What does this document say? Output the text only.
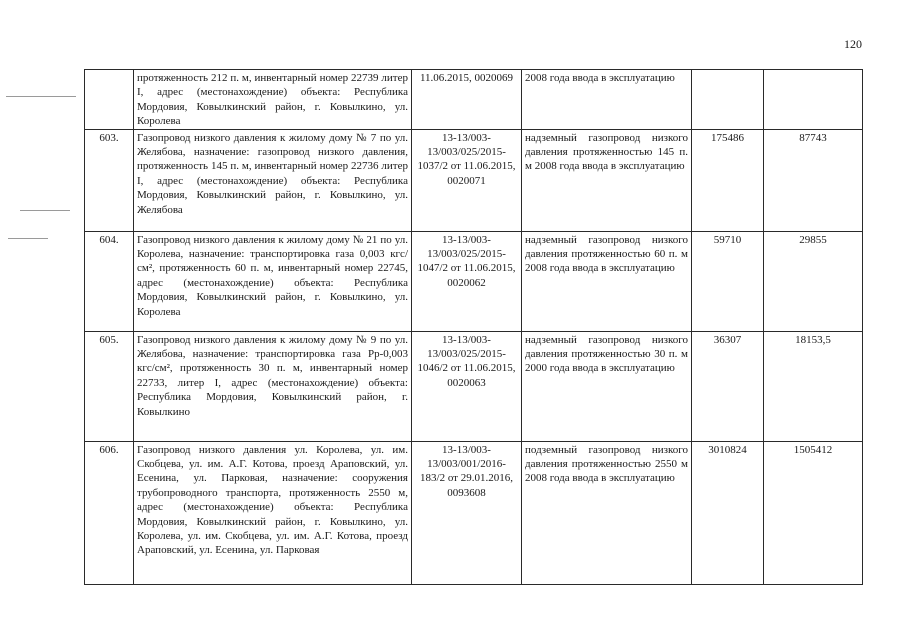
120
	протяженность 212 п. м, инвентарный номер 22739 литер I, адрес (местонахождение) объекта: Республика Мордовия, Ковылкинский район, г. Ковылкино, ул. Королева	11.06.2015, 0020069	2008 года ввода в эксплуатацию		
603.	Газопровод низкого давления к жилому дому № 7 по ул. Желябова, назначение: газопровод низкого давления, протяженность 145 п. м, инвентарный номер 22736 литер I, адрес (местонахождение) объекта: Республика Мордовия, Ковылкинский район, г. Ковылкино, ул. Желябова	13-13/003-13/003/025/2015-1037/2 от 11.06.2015, 0020071	надземный газопровод низкого давления протяженностью 145 п. м 2008 года ввода в эксплуатацию	175486	87743
604.	Газопровод низкого давления к жилому дому № 21 по ул. Королева, назначение: транспортировка газа 0,003 кгс/см², протяженность 60 п. м, инвентарный номер 22745, адрес (местонахождение) объекта: Республика Мордовия, Ковылкинский район, г. Ковылкино, ул. Королева	13-13/003-13/003/025/2015-1047/2 от 11.06.2015, 0020062	надземный газопровод низкого давления протяженностью 60 п. м 2008 года ввода в эксплуатацию	59710	29855
605.	Газопровод низкого давления к жилому дому № 9 по ул. Желябова, назначение: транспортировка газа Рр-0,003 кгс/см², протяженность 30 п. м, инвентарный номер 22733, литер I, адрес (местонахождение) объекта: Республика Мордовия, Ковылкинский район, г. Ковылкино	13-13/003-13/003/025/2015-1046/2 от 11.06.2015, 0020063	надземный газопровод низкого давления протяженностью 30 п. м 2000 года ввода в эксплуатацию	36307	18153,5
606.	Газопровод низкого давления ул. Королева, ул. им. Скобцева, ул. им. А.Г. Котова, проезд Араповский, ул. Есенина, ул. Парковая, назначение: сооружения трубопроводного транспорта, протяженность 2550 м, адрес (местонахождение) объекта: Республика Мордовия, Ковылкинский район, г. Ковылкино, ул. Королева, ул. им. Скобцева, ул. им. А.Г. Котова, проезд Араповский, ул. Есенина, ул. Парковая	13-13/003-13/003/001/2016-183/2 от 29.01.2016, 0093608	подземный газопровод низкого давления протяженностью 2550 м 2008 года ввода в эксплуатацию	3010824	1505412
